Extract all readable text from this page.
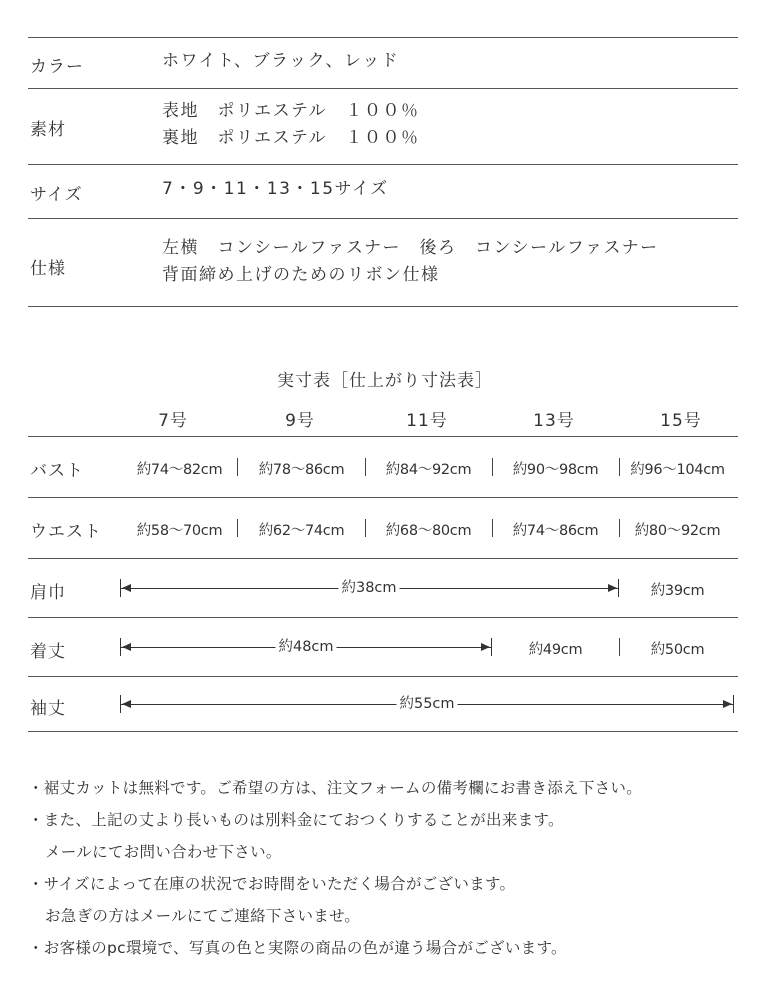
カラー	ホワイト、ブラック、レッド
素材
表地　ポリエステル　１００％
裏地　ポリエステル　１００％
サイズ	7・9・11・13・15サイズ
仕様
左横　コンシールファスナー　後ろ　コンシールファスナー
背面締め上げのためのリボン仕様
実寸表［仕上がり寸法表］
7号	9号	11号	13号	15号
バスト	約74～82cm	約78～86cm	約84～92cm	約90～98cm	約96～104cm
ウエスト	約58～70cm	約62～74cm	約68～80cm	約74～86cm	約80～92cm
肩巾	約38cm	約39cm
着丈	約48cm	約49cm	約50cm
袖丈	約55cm
・裾丈カットは無料です。ご希望の方は、注文フォームの備考欄にお書き添え下さい。
・また、上記の丈より長いものは別料金にておつくりすることが出来ます。
メールにてお問い合わせ下さい。
・サイズによって在庫の状況でお時間をいただく場合がございます。
お急ぎの方はメールにてご連絡下さいませ。
・お客様のpc環境で、写真の色と実際の商品の色が違う場合がございます。
